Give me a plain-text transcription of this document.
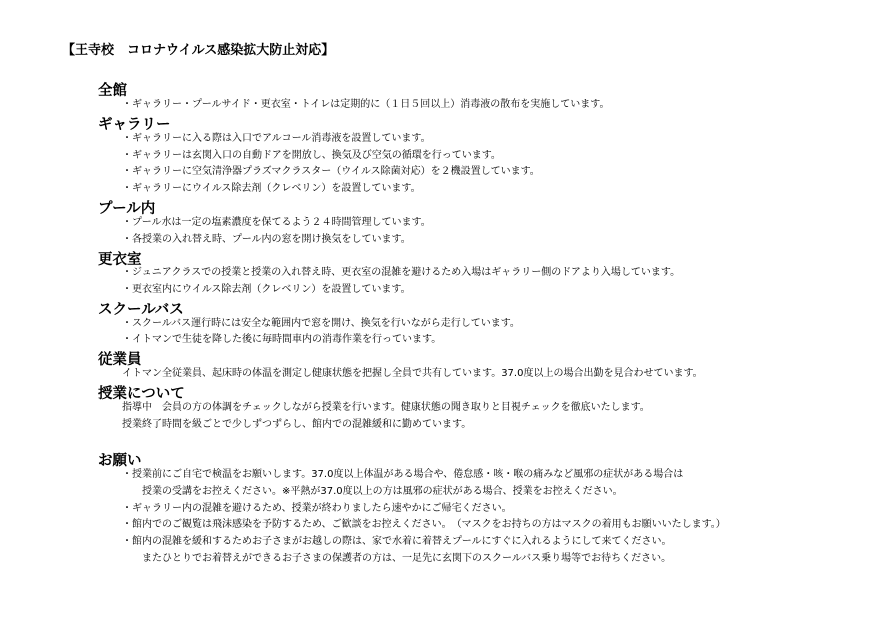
【王寺校　コロナウイルス感染拡大防止対応】
全館
・ギャラリー・プールサイド・更衣室・トイレは定期的に（１日５回以上）消毒液の散布を実施しています。
ギャラリー
・ギャラリーに入る際は入口でアルコール消毒液を設置しています。
・ギャラリーは玄関入口の自動ドアを開放し、換気及び空気の循環を行っています。
・ギャラリーに空気清浄器プラズマクラスター（ウイルス除菌対応）を２機設置しています。
・ギャラリーにウイルス除去剤（クレベリン）を設置しています。
プール内
・プール水は一定の塩素濃度を保てるよう２４時間管理しています。
・各授業の入れ替え時、プール内の窓を開け換気をしています。
更衣室
・ジュニアクラスでの授業と授業の入れ替え時、更衣室の混雑を避けるため入場はギャラリー側のドアより入場しています。
・更衣室内にウイルス除去剤（クレベリン）を設置しています。
スクールバス
・スクールバス運行時には安全な範囲内で窓を開け、換気を行いながら走行しています。
・イトマンで生徒を降した後に毎時間車内の消毒作業を行っています。
従業員
イトマン全従業員、起床時の体温を測定し健康状態を把握し全員で共有しています。37.0度以上の場合出勤を見合わせています。
授業について
指導中　会員の方の体調をチェックしながら授業を行います。健康状態の聞き取りと目視チェックを徹底いたします。
授業終了時間を級ごとで少しずつずらし、館内での混雑緩和に勤めています。
お願い
・授業前にご自宅で検温をお願いします。37.0度以上体温がある場合や、倦怠感・咳・喉の痛みなど風邪の症状がある場合は
授業の受講をお控えください。※平熱が37.0度以上の方は風邪の症状がある場合、授業をお控えください。
・ギャラリー内の混雑を避けるため、授業が終わりましたら速やかにご帰宅ください。
・館内でのご観覧は飛沫感染を予防するため、ご歓談をお控えください。　（マスクをお持ちの方はマスクの着用もお願いいたします。）
・館内の混雑を緩和するためお子さまがお越しの際は、家で水着に着替えプールにすぐに入れるようにして来てください。
またひとりでお着替えができるお子さまの保護者の方は、一足先に玄関下のスクールバス乗り場等でお待ちください。
